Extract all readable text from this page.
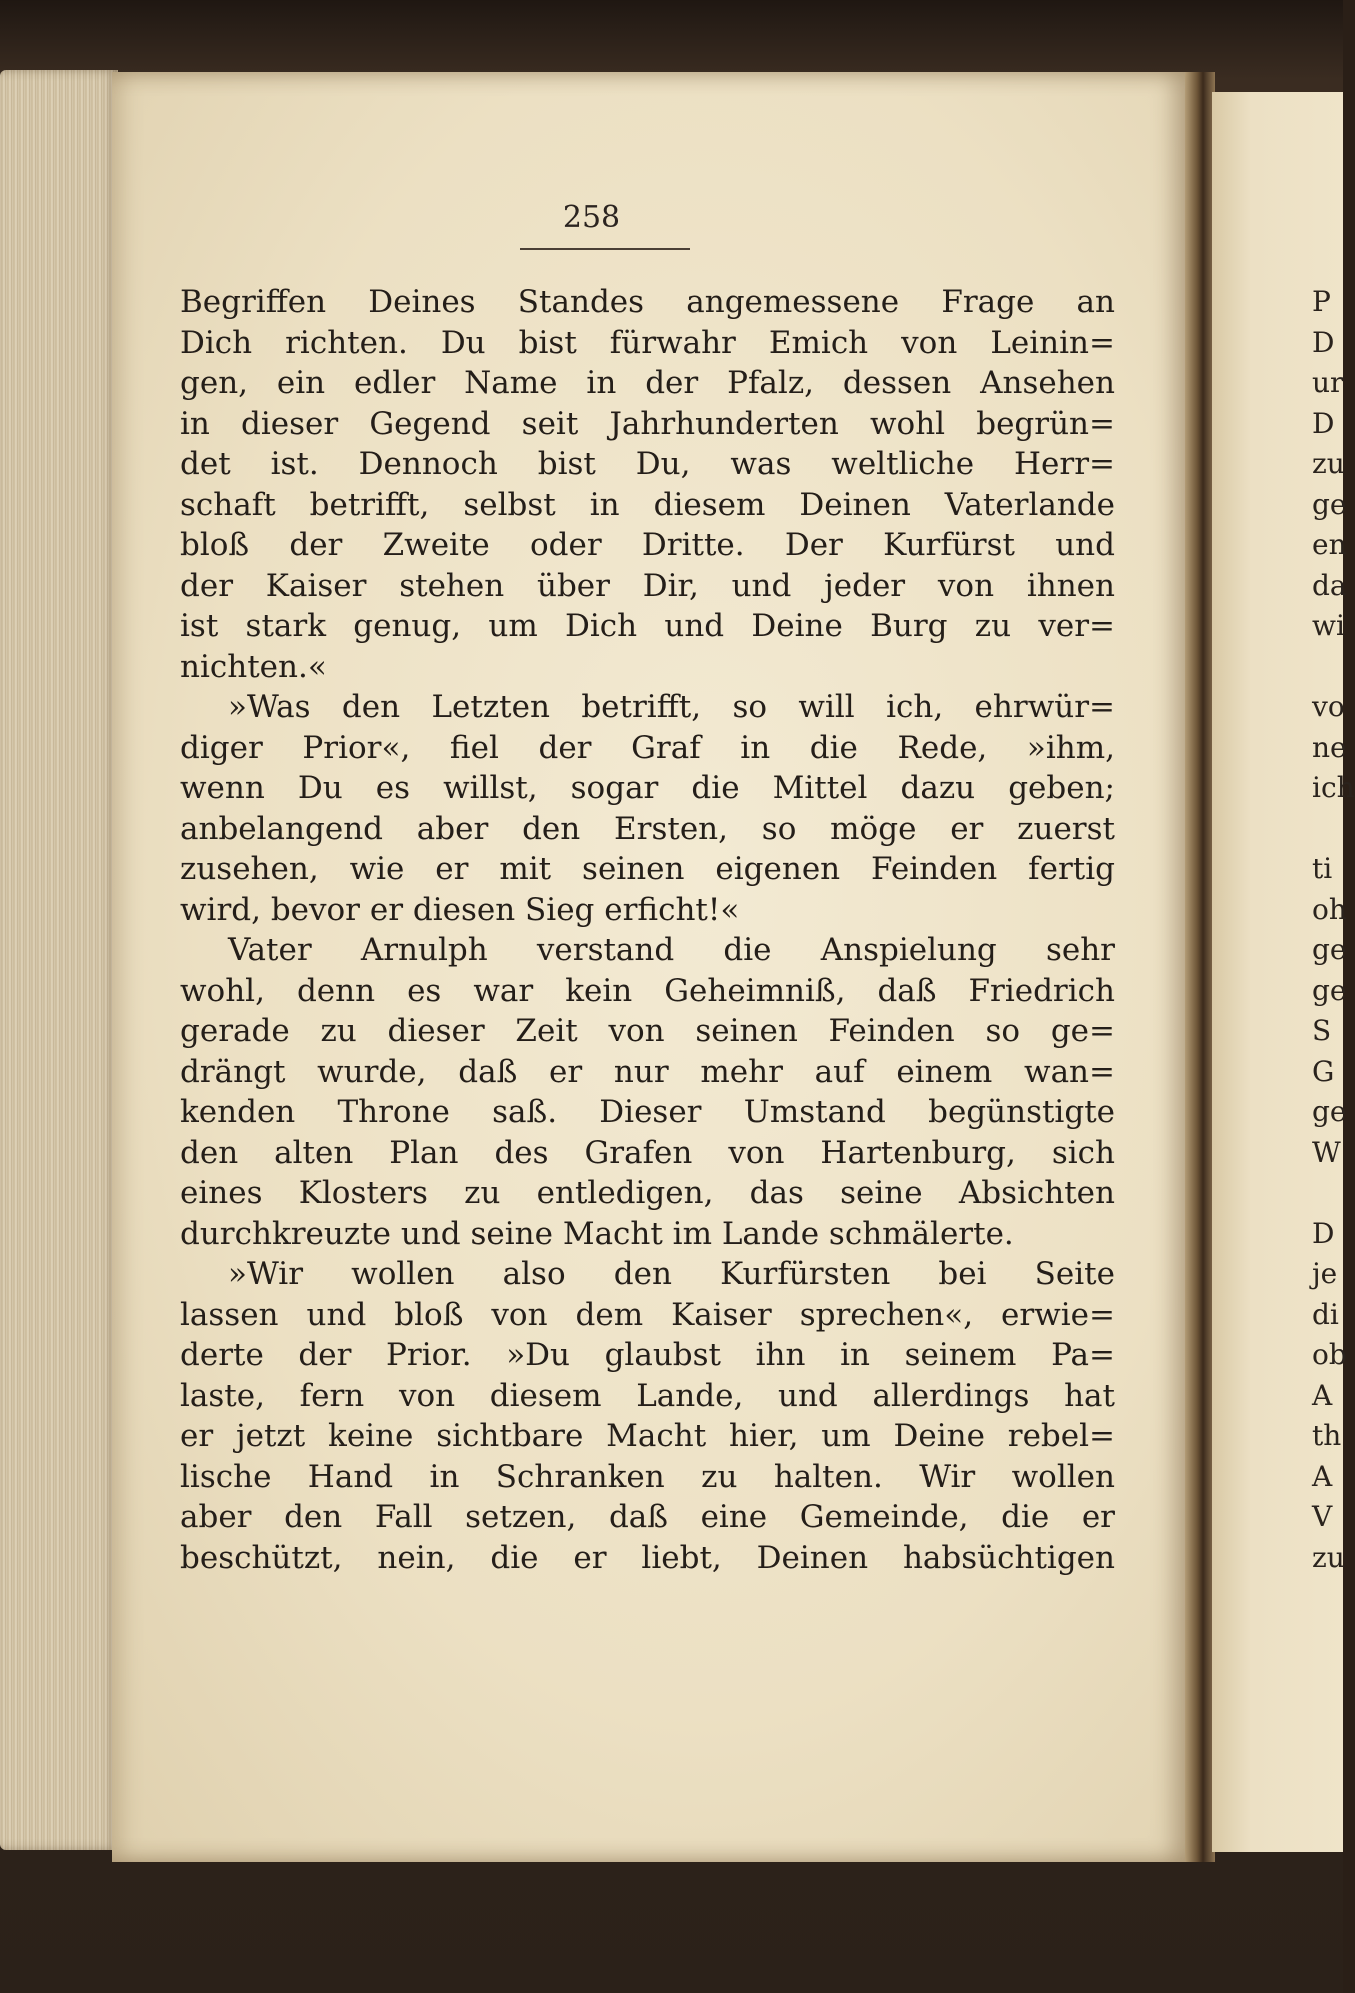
258
Begriffen Deines Standes angemessene Frage an
Dich richten. Du bist fürwahr Emich von Leinin=
gen, ein edler Name in der Pfalz, dessen Ansehen
in dieser Gegend seit Jahrhunderten wohl begrün=
det ist. Dennoch bist Du, was weltliche Herr=
schaft betrifft, selbst in diesem Deinen Vaterlande
bloß der Zweite oder Dritte. Der Kurfürst und
der Kaiser stehen über Dir, und jeder von ihnen
ist stark genug, um Dich und Deine Burg zu ver=
nichten.«
»Was den Letzten betrifft, so will ich, ehrwür=
diger Prior«, fiel der Graf in die Rede, »ihm,
wenn Du es willst, sogar die Mittel dazu geben;
anbelangend aber den Ersten, so möge er zuerst
zusehen, wie er mit seinen eigenen Feinden fertig
wird, bevor er diesen Sieg erficht!«
Vater Arnulph verstand die Anspielung sehr
wohl, denn es war kein Geheimniß, daß Friedrich
gerade zu dieser Zeit von seinen Feinden so ge=
drängt wurde, daß er nur mehr auf einem wan=
kenden Throne saß. Dieser Umstand begünstigte
den alten Plan des Grafen von Hartenburg, sich
eines Klosters zu entledigen, das seine Absichten
durchkreuzte und seine Macht im Lande schmälerte.
»Wir wollen also den Kurfürsten bei Seite
lassen und bloß von dem Kaiser sprechen«, erwie=
derte der Prior. »Du glaubst ihn in seinem Pa=
laste, fern von diesem Lande, und allerdings hat
er jetzt keine sichtbare Macht hier, um Deine rebel=
lische Hand in Schranken zu halten. Wir wollen
aber den Fall setzen, daß eine Gemeinde, die er
beschützt, nein, die er liebt, Deinen habsüchtigen
P
D
ur
D
zu
ge
en
da
wi
vo
ne
ich
ti
oh
ge
ge
S
G
ge
W
D
je
di
ob
A
th
A
V
zu
